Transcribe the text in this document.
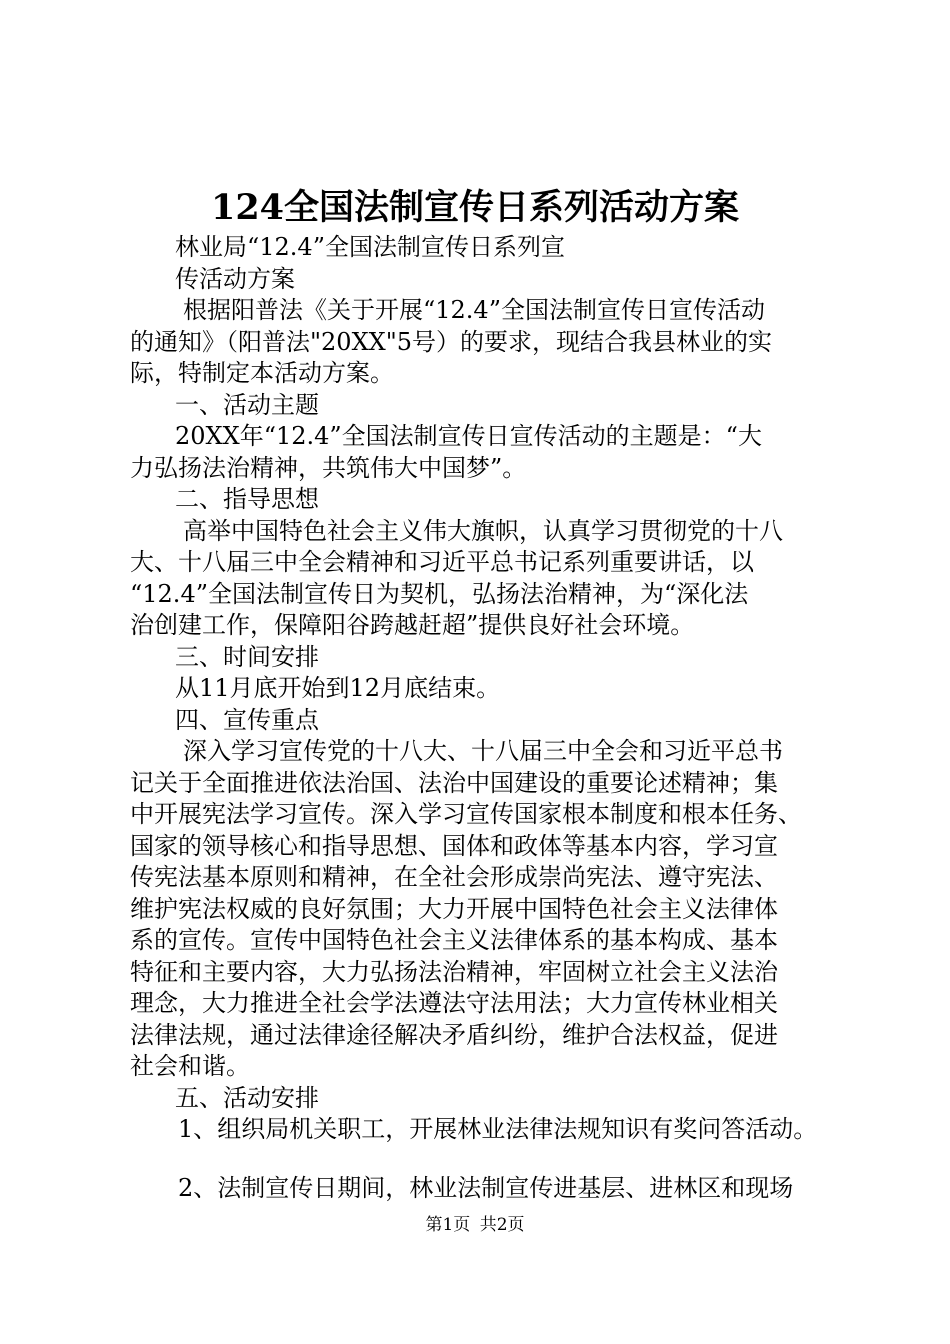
124全国法制宣传日系列活动方案
林业局“12.4”全国法制宣传日系列宣
传活动方案
根据阳普法《关于开展“12.4”全国法制宣传日宣传活动
的通知》（阳普法"20XX"5号）的要求，现结合我县林业的实
际，特制定本活动方案。
一、活动主题
20XX年“12.4”全国法制宣传日宣传活动的主题是：“大
力弘扬法治精神，共筑伟大中国梦”。
二、指导思想
高举中国特色社会主义伟大旗帜，认真学习贯彻党的十八
大、十八届三中全会精神和习近平总书记系列重要讲话，以
“12.4”全国法制宣传日为契机，弘扬法治精神，为“深化法
治创建工作，保障阳谷跨越赶超”提供良好社会环境。
三、时间安排
从11月底开始到12月底结束。
四、宣传重点
深入学习宣传党的十八大、十八届三中全会和习近平总书
记关于全面推进依法治国、法治中国建设的重要论述精神；集
中开展宪法学习宣传。深入学习宣传国家根本制度和根本任务、
国家的领导核心和指导思想、国体和政体等基本内容，学习宣
传宪法基本原则和精神，在全社会形成崇尚宪法、遵守宪法、
维护宪法权威的良好氛围；大力开展中国特色社会主义法律体
系的宣传。宣传中国特色社会主义法律体系的基本构成、基本
特征和主要内容，大力弘扬法治精神，牢固树立社会主义法治
理念，大力推进全社会学法遵法守法用法；大力宣传林业相关
法律法规，通过法律途径解决矛盾纠纷，维护合法权益，促进
社会和谐。
五、活动安排
1、组织局机关职工，开展林业法律法规知识有奖问答活动。
2、法制宣传日期间，林业法制宣传进基层、进林区和现场
第1页 共2页
